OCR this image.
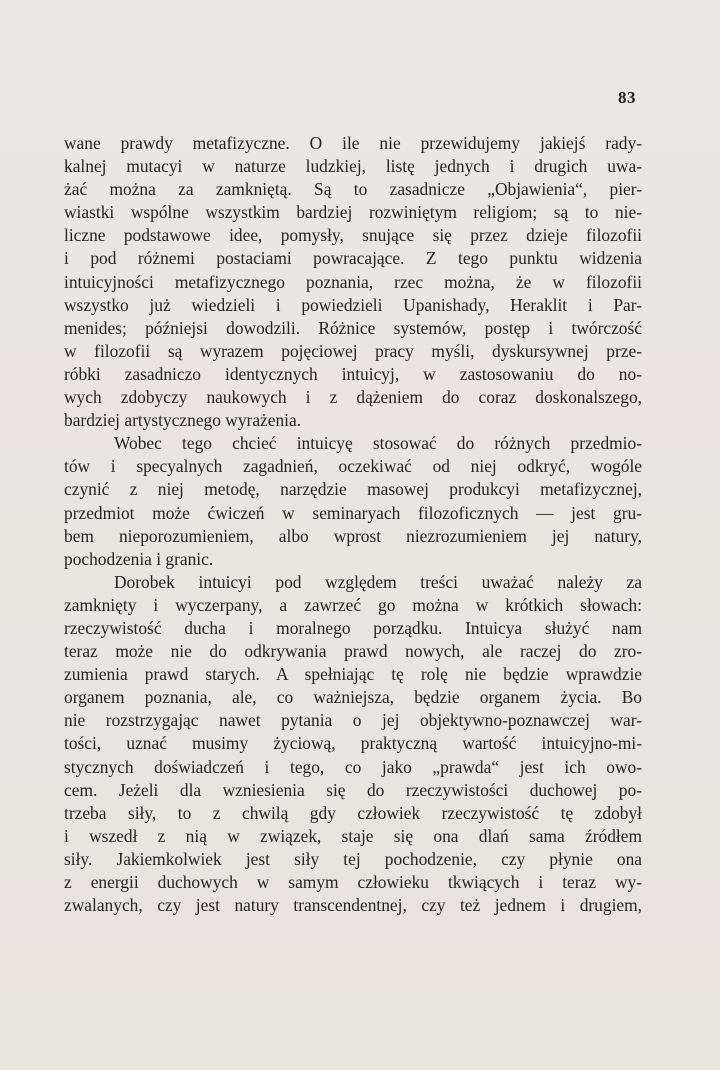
83
wane prawdy metafizyczne. O ile nie przewidujemy jakiejś rady-
kalnej mutacyi w naturze ludzkiej, listę jednych i drugich uwa-
żać można za zamkniętą. Są to zasadnicze „Objawienia“, pier-
wiastki wspólne wszystkim bardziej rozwiniętym religiom; są to nie-
liczne podstawowe idee, pomysły, snujące się przez dzieje filozofii
i pod różnemi postaciami powracające. Z tego punktu widzenia
intuicyjności metafizycznego poznania, rzec można, że w filozofii
wszystko już wiedzieli i powiedzieli Upanishady, Heraklit i Par-
menides; późniejsi dowodzili. Różnice systemów, postęp i twórczość
w filozofii są wyrazem pojęciowej pracy myśli, dyskursywnej prze-
róbki zasadniczo identycznych intuicyj, w zastosowaniu do no-
wych zdobyczy naukowych i z dążeniem do coraz doskonalszego,
bardziej artystycznego wyrażenia.
Wobec tego chcieć intuicyę stosować do różnych przedmio-
tów i specyalnych zagadnień, oczekiwać od niej odkryć, wogóle
czynić z niej metodę, narzędzie masowej produkcyi metafizycznej,
przedmiot może ćwiczeń w seminaryach filozoficznych — jest gru-
bem nieporozumieniem, albo wprost niezrozumieniem jej natury,
pochodzenia i granic.
Dorobek intuicyi pod względem treści uważać należy za
zamknięty i wyczerpany, a zawrzeć go można w krótkich słowach:
rzeczywistość ducha i moralnego porządku. Intuicya służyć nam
teraz może nie do odkrywania prawd nowych, ale raczej do zro-
zumienia prawd starych. A spełniając tę rolę nie będzie wprawdzie
organem poznania, ale, co ważniejsza, będzie organem życia. Bo
nie rozstrzygając nawet pytania o jej objektywno-poznawczej war-
tości, uznać musimy życiową, praktyczną wartość intuicyjno-mi-
stycznych doświadczeń i tego, co jako „prawda“ jest ich owo-
cem. Jeżeli dla wzniesienia się do rzeczywistości duchowej po-
trzeba siły, to z chwilą gdy człowiek rzeczywistość tę zdobył
i wszedł z nią w związek, staje się ona dlań sama źródłem
siły. Jakiemkolwiek jest siły tej pochodzenie, czy płynie ona
z energii duchowych w samym człowieku tkwiących i teraz wy-
zwalanych, czy jest natury transcendentnej, czy też jednem i drugiem,
